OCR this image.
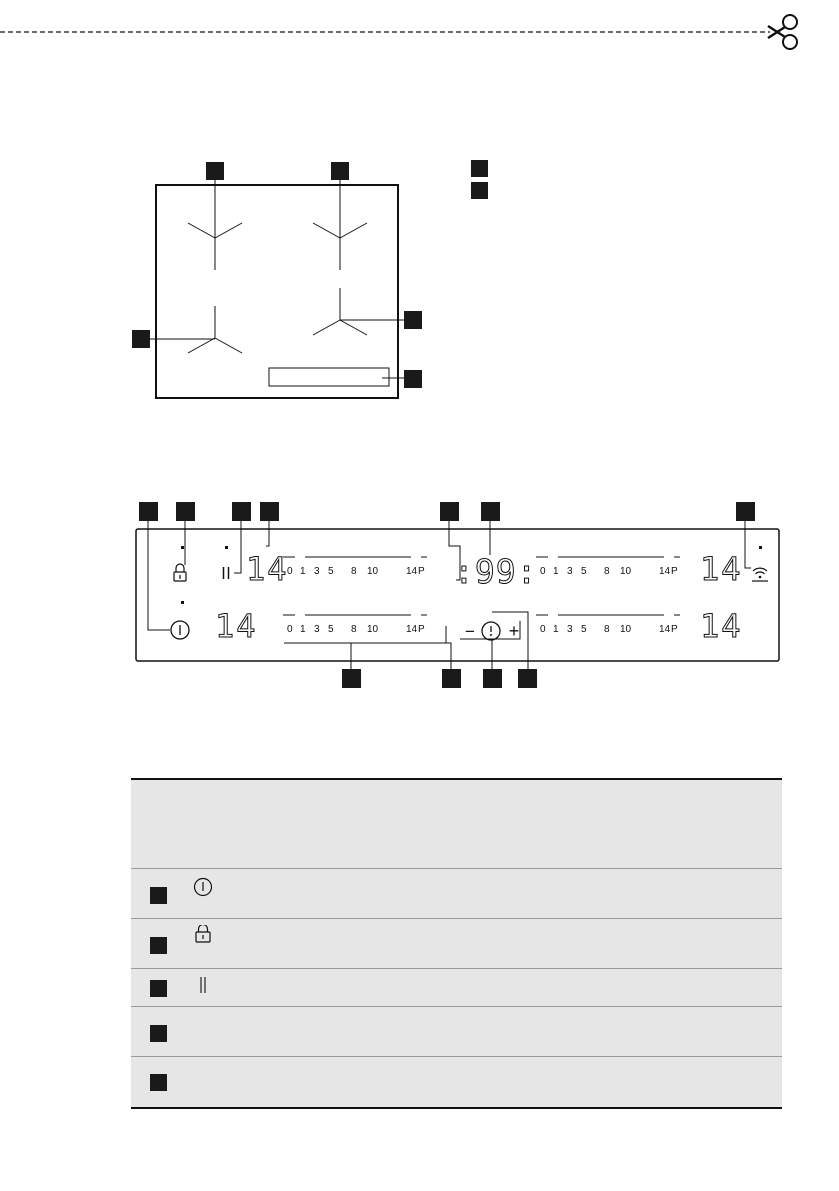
− +
14
14
14
14
:99:
0 1 3 5 8 10	14 P
0 1 3 5 8 10	14 P
0 1 3 5 8 10	14 P
0 1 3 5 8 10	14 P
